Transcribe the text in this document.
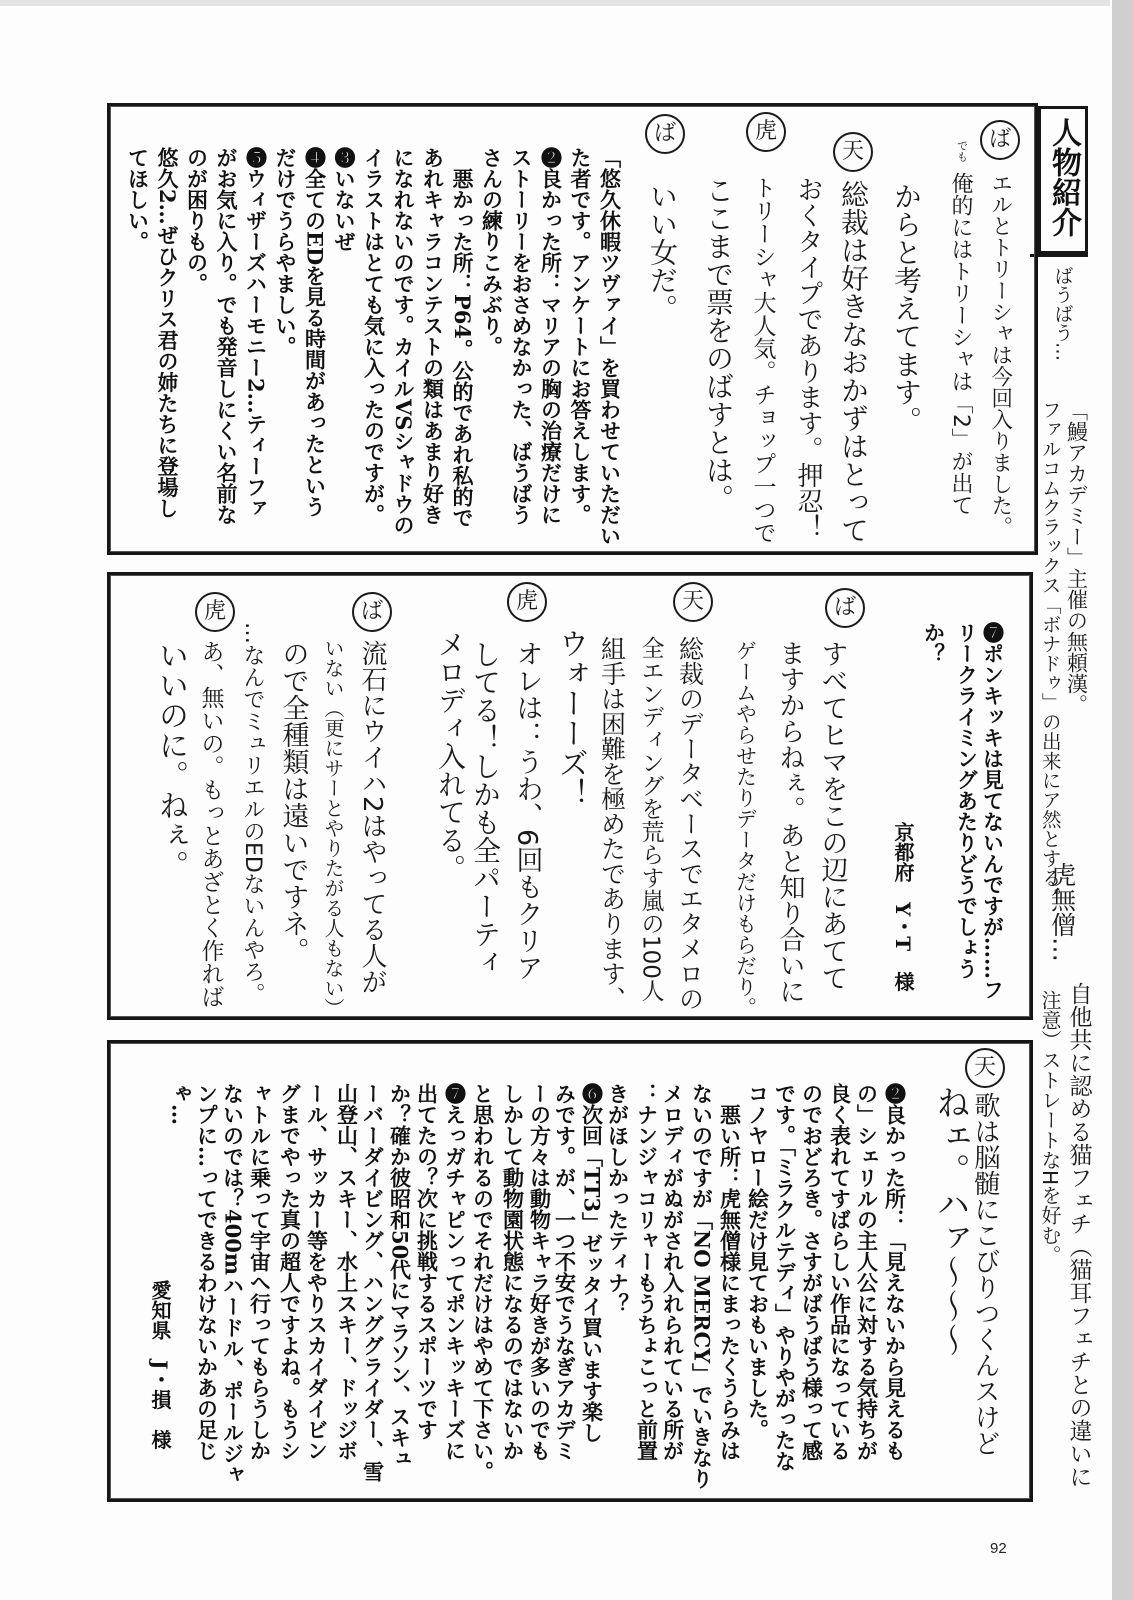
人物紹介
ばうばう…
「鰻アカデミー」主催の無頼漢。
ファルコムクラックス「ボナドゥ」の出来にア然とする。
虎無僧…
自他共に認める猫フェチ（猫耳フェチとの違いに
注意）ストレートなHを好む。
ば
エルとトリーシャは今回入りました。
でも
俺的にはトリーシャは「2」が出て
からと考えてます。
天
総裁は好きなおかずはとって
おくタイプであります。押忍！
虎
トリーシャ大人気。チョップ一つで
ここまで票をのばすとは。
ば
いい女だ。
「悠久休暇ツヴァイ」を買わせていただい
た者です。アンケートにお答えします。
❷良かった所：マリアの胸の治療だけに
ストーリーをおさめなかった、ばうばう
さんの練りこみぶり。
　悪かった所：P64。公的であれ私的で
あれキャラコンテストの類はあまり好き
になれないのです。カイルVSシャドウの
イラストはとても気に入ったのですが。
❸いないぜ
❹全てのEDを見る時間があったという
だけでうらやましい。
❺ウィザーズハーモニー2…ティーファ
がお気に入り。でも発音しにくい名前な
のが困りもの。
悠久2…ぜひクリス君の姉たちに登場し
てほしい。
❼ポンキッキは見てないんですが……フ
リークライミングあたりどうでしょう
か？
京都府　Y・T　様
ば
すべてヒマをこの辺にあてて
ますからねぇ。あと知り合いに
ゲームやらせたりデータだけもらだり。
天
総裁のデータベースでエタメロの
全エンディングを荒らす嵐の100人
組手は困難を極めたであります、
ウォーーズ！
虎
オレは：うわ、6回もクリア
してる！しかも全パーティ
メロディ入れてる。
ば
流石にウイハ2はやってる人が
いない（更にサーとやりたがる人もない）
ので全種類は遠いですネ。
…なんでミュリエルのEDないんやろ。
虎
あ、無いの。もっとあざとく作れば
いいのに。ねぇ。
天
歌は脳髄にこびりつくんスけど
ねェ。ハァ〜〜〜
❷良かった所：「見えないから見えるも
の」シェリルの主人公に対する気持ちが
良く表れてすばらしい作品になっている
のでおどろき。さすがばうばう様って感
です。「ミラクルテディ」やりやがったな
コノヤロー絵だけ見ておもいました。
　悪い所：虎無僧様にまったくうらみは
ないのですが「NO MERCY」でいきなり
メロディがぬがされ入れられている所が
：ナンジャコリャーもうちょこっと前置
きがほしかったティナ？
❻次回「TT3」ゼッタイ買います楽し
みです。が、一つ不安でうなぎアカデミ
ーの方々は動物キャラ好きが多いのでも
しかして動物園状態になるのではないか
と思われるのでそれだけはやめて下さい。
❼えっガチャピンってポンキッキーズに
出てたの？次に挑戦するスポーツです
か？確か彼昭和50代にマラソン、スキュ
ーバーダイビング、ハンググライダー、雪
山登山、スキー、水上スキー、ドッジボ
ール、サッカー等をやりスカイダイビン
グまでやった真の超人ですよね。もうシ
ャトルに乗って宇宙へ行ってもらうしか
ないのでは？400mハードル、ポールジャ
ンプに…ってできるわけないかあの足じ
ゃ…
愛知県　J・損　様
92
